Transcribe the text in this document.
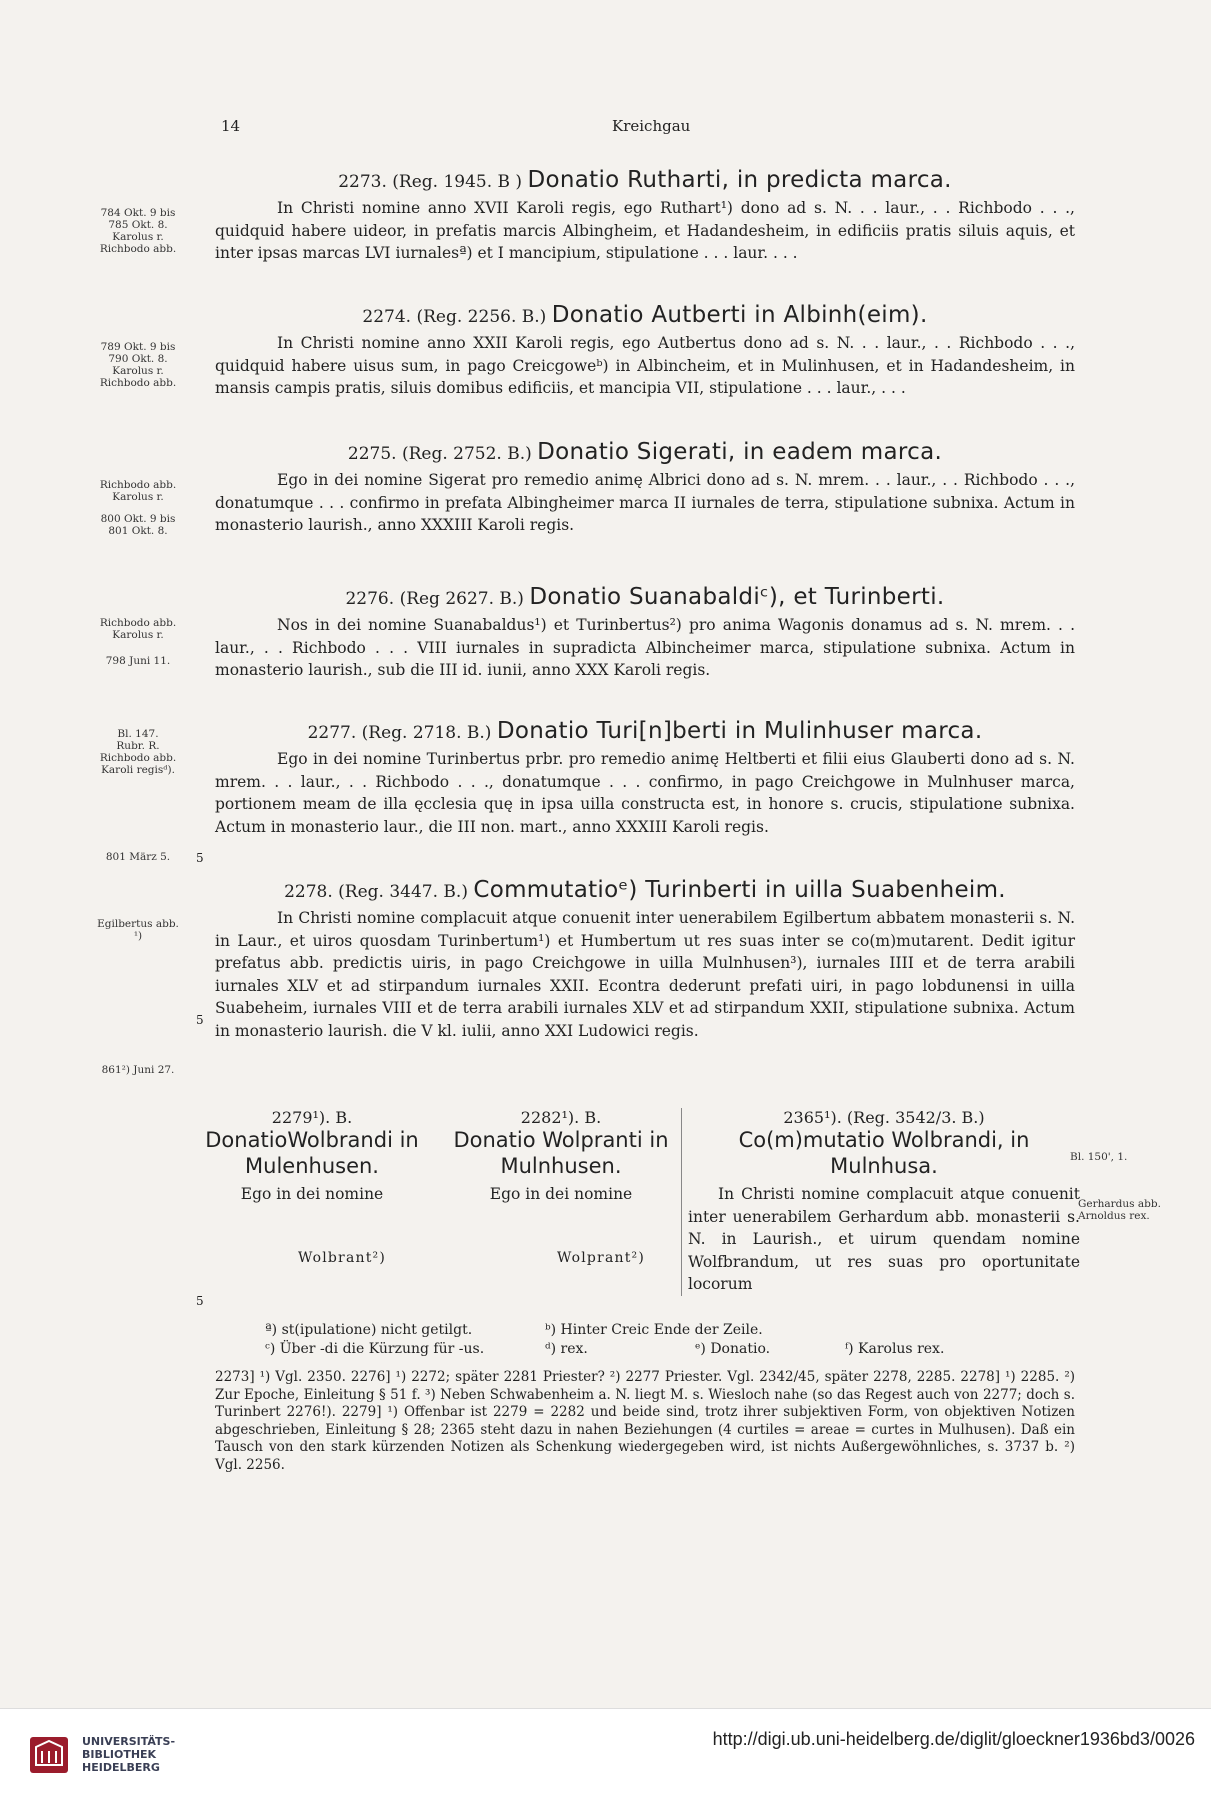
14	Kreichgau
784 Okt. 9 bis
785 Okt. 8.
Karolus r.
Richbodo abb.
2273. (Reg. 1945. B ) Donatio Rutharti, in predicta marca.

In Christi nomine anno XVII Karoli regis, ego Ruthart¹) dono ad s. N. . . laur., . . Richbodo . . ., quidquid habere uideor, in prefatis marcis Albingheim, et Hadandesheim, in edificiis pratis siluis aquis, et inter ipsas marcas LVI iurnalesª) et I mancipium, stipulatione . . . laur. . . .

789 Okt. 9 bis
790 Okt. 8.
Karolus r.
Richbodo abb.
2274. (Reg. 2256. B.) Donatio Autberti in Albinh(eim).

In Christi nomine anno XXII Karoli regis, ego Autbertus dono ad s. N. . . laur., . . Richbodo . . ., quidquid habere uisus sum, in pago Creicgoweᵇ) in Albincheim, et in Mulinhusen, et in Hadandesheim, in mansis campis pratis, siluis domibus edificiis, et mancipia VII, stipulatione . . . laur., . . .

Richbodo abb.
Karolus r.
800 Okt. 9 bis
801 Okt. 8.
2275. (Reg. 2752. B.) Donatio Sigerati, in eadem marca.

Ego in dei nomine Sigerat pro remedio animę Albrici dono ad s. N. mrem. . . laur., . . Richbodo . . ., donatumque . . . confirmo in prefata Albingheimer marca II iurnales de terra, stipulatione subnixa. Actum in monasterio laurish., anno XXXIII Karoli regis.

Richbodo abb.
Karolus r.
798 Juni 11.
2276. (Reg 2627. B.) Donatio Suanabaldiᶜ), et Turinberti.

Nos in dei nomine Suanabaldus¹) et Turinbertus²) pro anima Wagonis donamus ad s. N. mrem. . . laur., . . Richbodo . . . VIII iurnales in supradicta Albincheimer marca, stipulatione subnixa. Actum in monasterio laurish., sub die III id. iunii, anno XXX Karoli regis.

Bl. 147.
Rubr. R.
Richbodo abb.
Karoli regisᵈ).
801 März 5.	5
2277. (Reg. 2718. B.) Donatio Turi[n]berti in Mulinhuser marca.

Ego in dei nomine Turinbertus prbr. pro remedio animę Heltberti et filii eius Glauberti dono ad s. N. mrem. . . laur., . . Richbodo . . ., donatumque . . . confirmo, in pago Creichgowe in Mulnhuser marca, portionem meam de illa ęcclesia quę in ipsa uilla constructa est, in honore s. crucis, stipulatione subnixa. Actum in monasterio laur., die III non. mart., anno XXXIII Karoli regis.

Egilbertus abb.
¹)
861²) Juni 27.
5
2278. (Reg. 3447. B.) Commutatioᵉ) Turinberti in uilla Suabenheim.

In Christi nomine complacuit atque conuenit inter uenerabilem Egilbertum abbatem monasterii s. N. in Laur., et uiros quosdam Turinbertum¹) et Humbertum ut res suas inter se co(m)mutarent. Dedit igitur prefatus abb. predictis uiris, in pago Creichgowe in uilla Mulnhusen³), iurnales IIII et de terra arabili iurnales XLV et ad stirpandum iurnales XXII. Econtra dederunt prefati uiri, in pago lobdunensi in uilla Suabeheim, iurnales VIII et de terra arabili iurnales XLV et ad stirpandum XXII, stipulatione subnixa. Actum in monasterio laurish. die V kl. iulii, anno XXI Ludowici regis.

2279¹). B.
DonatioWolbrandi in Mulenhusen.
Ego in dei nomine
Wolbrant²)
2282¹). B.
Donatio Wolpranti in Mulnhusen.
Ego in dei nomine
Wolprant²)
2365¹). (Reg. 3542/3. B.)
Co(m)mutatio Wolbrandi, in Mulnhusa.
In Christi nomine complacuit atque conuenit inter uenerabilem Gerhardum abb. monasterii s. N. in Laurish., et uirum quendam nomine Wolfbrandum, ut res suas pro oportunitate locorum
Bl. 150', 1.
Gerhardus abb.
Arnoldus rex.
5
ª) st(ipulatione) nicht getilgt.	ᵇ) Hinter Creic Ende der Zeile.
ᶜ) Über -di die Kürzung für -us.	ᵈ) rex.	ᵉ) Donatio.	ᶠ) Karolus rex.
2273] ¹) Vgl. 2350. 2276] ¹) 2272; später 2281 Priester? ²) 2277 Priester. Vgl. 2342/45, später 2278, 2285. 2278] ¹) 2285. ²) Zur Epoche, Einleitung § 51 f. ³) Neben Schwabenheim a. N. liegt M. s. Wiesloch nahe (so das Regest auch von 2277; doch s. Turinbert 2276!). 2279] ¹) Offenbar ist 2279 = 2282 und beide sind, trotz ihrer subjektiven Form, von objektiven Notizen abgeschrieben, Einleitung § 28; 2365 steht dazu in nahen Beziehungen (4 curtiles = areae = curtes in Mulhusen). Daß ein Tausch von den stark kürzenden Notizen als Schenkung wiedergegeben wird, ist nichts Außergewöhnliches, s. 3737 b. ²) Vgl. 2256.
UNIVERSITÄTS-
BIBLIOTHEK
HEIDELBERG
http://digi.ub.uni-heidelberg.de/diglit/gloeckner1936bd3/0026
